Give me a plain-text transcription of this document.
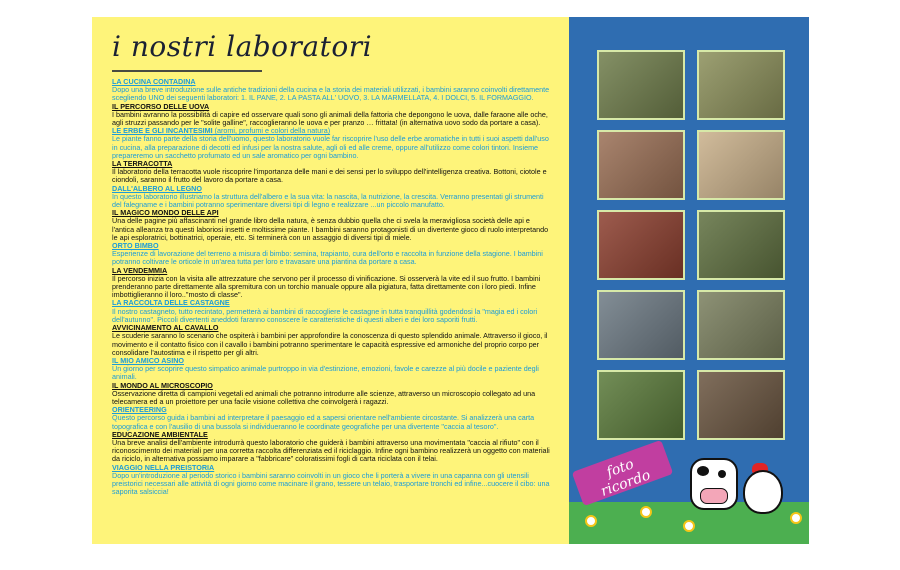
i nostri laboratori
LA CUCINA CONTADINA
Dopo una breve introduzione sulle antiche tradizioni della cucina e la storia dei materiali utilizzati, i bambini saranno coinvolti direttamente scegliendo UNO dei seguenti laboratori: 1. IL PANE, 2. LA PASTA ALL' UOVO, 3. LA MARMELLATA, 4. I DOLCI, 5. IL FORMAGGIO.
IL PERCORSO DELLE UOVA
I bambini avranno la possibilità di capire ed osservare quali sono gli animali della fattoria che depongono le uova, dalle faraone alle oche, agli struzzi passando per le "solite galline", raccoglieranno le uova e per pranzo … frittata! (in alternativa uovo sodo da portare a casa).
LE ERBE E GLI INCANTESIMI (aromi, profumi e colori della natura)
Le piante fanno parte della storia dell'uomo, questo laboratorio vuole far riscoprire l'uso delle erbe aromatiche in tutti i suoi aspetti dall'uso in cucina, alla preparazione di decotti ed infusi per la nostra salute, agli oli ed alle creme, oppure all'utilizzo come colori tintori. Insieme prepareremo un sacchetto profumato ed un sale aromatico per ogni bambino.
LA TERRACOTTA
Il laboratorio della terracotta vuole riscoprire l'importanza delle mani e dei sensi per lo sviluppo dell'intelligenza creativa. Bottoni, ciotole e ciondoli, saranno il frutto del lavoro da portare a casa.
DALL'ALBERO AL LEGNO
In questo laboratorio illustriamo la struttura dell'albero e la sua vita: la nascita, la nutrizione, la crescita. Verranno presentati gli strumenti del falegname e i bambini potranno sperimentare diversi tipi di legno e realizzare ...un piccolo manufatto.
IL MAGICO MONDO DELLE API
Una delle pagine più affascinanti nel grande libro della natura, è senza dubbio quella che ci svela la meravigliosa società delle api e l'antica alleanza tra questi laboriosi insetti e moltissime piante. I bambini saranno protagonisti di un divertente gioco di ruolo interpretando le api esploratrici, bottinatrici, operaie, etc. Si terminerà con un assaggio di diversi tipi di miele.
ORTO BIMBO
Esperienze di lavorazione del terreno a misura di bimbo: semina, trapianto, cura dell'orto e raccolta in funzione della stagione. I bambini potranno coltivare le orticole in un'area tutta per loro e travasare una piantina da portare a casa.
LA VENDEMMIA
Il percorso inizia con la visita alle attrezzature che servono per il processo di vinificazione. Si osserverà la vite ed il suo frutto. I bambini prenderanno parte direttamente alla spremitura con un torchio manuale oppure alla pigiatura, fatta direttamente con i loro piedi. Infine imbottiglieranno il loro.."mosto di classe".
LA RACCOLTA DELLE CASTAGNE
Il nostro castagneto, tutto recintato, permetterà ai bambini di raccogliere le castagne in tutta tranquillità godendosi la "magia ed i colori dell'autunno". Piccoli divertenti aneddoti faranno conoscere le caratteristiche di questi alberi e dei loro saporiti frutti.
AVVICINAMENTO AL CAVALLO
Le scuderie saranno lo scenario che ospiterà i bambini per approfondire la conoscenza di questo splendido animale. Attraverso il gioco, il movimento e il contatto fisico con il cavallo i bambini potranno sperimentare le capacità espressive ed armoniche del proprio corpo per consolidare l'autostima e il rispetto per gli altri.
IL MIO AMICO ASINO
Un giorno per scoprire questo simpatico animale purtroppo in via d'estinzione, emozioni, favole e carezze al più docile e paziente degli animali.
IL MONDO AL MICROSCOPIO
Osservazione diretta di campioni vegetali ed animali che potranno introdurre alle scienze, attraverso un microscopio collegato ad una telecamera ed a un proiettore per una facile visione collettiva che coinvolgerà i ragazzi.
ORIENTEERING
Questo percorso guida i bambini ad interpretare il paesaggio ed a sapersi orientare nell'ambiente circostante. Si analizzerà una carta topografica e con l'ausilio di una bussola si individueranno le coordinate geografiche per una divertente "caccia al tesoro".
EDUCAZIONE AMBIENTALE
Una breve analisi dell'ambiente introdurrà questo laboratorio che guiderà i bambini attraverso una movimentata "caccia al rifiuto" con il riconoscimento dei materiali per una corretta raccolta differenziata ed il riciclaggio. Infine ogni bambino realizzerà un oggetto con materiali da riciclo, in alternativa possiamo imparare a "fabbricare" coloratissimi fogli di carta riciclata con il telai.
VIAGGIO NELLA PREISTORIA
Dopo un'introduzione al periodo storico i bambini saranno coinvolti in un gioco che li porterà a vivere in una capanna con gli utensili preistorici necessari alle attività di ogni giorno come macinare il grano, tessere un telaio, trasportare tronchi ed infine...cuocere il cibo: una saporita salsiccia!
foto ricordo
